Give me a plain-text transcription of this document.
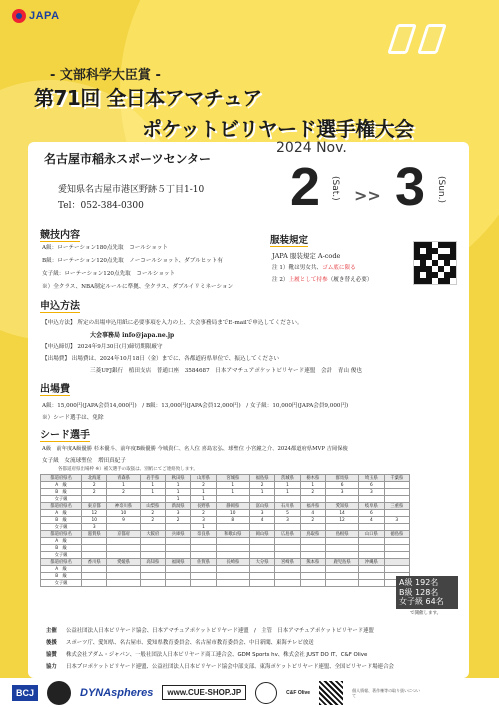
JAPA
- 文部科学大臣賞 -
第71回 全日本アマチュア
ポケットビリヤード選手権大会
名古屋市稲永スポーツセンター
愛知県名古屋市港区野跡５丁目1-10
Tel：052-384-0300
2024 Nov.
2 (Sat.) >> 3 (Sun.)
競技内容
A級：ローテーション180点先取　コールショット
B級：ローテーション120点先取　ノーコールショット、ダブルヒット有
女子級：ローテーション120点先取　コールショット
※）全クラス、NBA制定ルールに準拠、全クラス、ダブルイリミネーション
服装規定
JAPA 服装規定 A-code
注 1）靴は男女共、ゴム底に限る
注 2）上履として持参（履き替え必要）
申込方法
【申込方法】 所定の出場申込用紙に必要事項を入力の上、大会事務局までE-mailで申込してください。
大会事務局 info@japa.ne.jp
【申込締切】 2024年9月30日(月)締切期限厳守
【出場費】 出場費は、2024年10月18日（金）までに、各都道府県単位で、振込してください
三菱UFJ銀行　植田支店　普通口座　3584687　日本アマチュアポケットビリヤード連盟　会計　青山 俊也
出場費
A級：15,000円(JAPA会員14,000円)　/ B級：13,000円(JAPA会員12,000円)　/ 女子級：10,000円(JAPA会員9,000円)
※）シード選手は、免除
シード選手
A級　前年度A級優勝 杉本優斗、前年度B級優勝 今城貴仁、名人位 喜島宏弘、球聖位 小宮鐘之介、2024都道府県MVP 吉岡保俊
女子級　女流球聖位　増田真紀子
各都道府県出場枠 ※）補欠選手の取扱は、別紙にてご連絡致します。
都道府県名	北海道	青森県	岩手県	秋田県	山形県	宮城県	福島県	茨城県	栃木県	群馬県	埼玉県	千葉県
A　級	2	1	1	1	2	1	2	1	1	6	6	
B　級	2	2	1	1	1	1	1	1	2	3	3	
女子級				1	1							
都道府県名	東京都	神奈川県	山梨県	新潟県	長野県	静岡県	富山県	石川県	福井県	愛知県	岐阜県	三重県
A　級	12	10	2	3	2	10	3	5	4	14	6	
B　級	10	9	2	2	3	8	4	3	2	12	4	3
女子級	3				1							
都道府県名	滋賀県	京都府	大阪府	兵庫県	奈良県	和歌山県	岡山県	広島県	鳥取県	島根県	山口県	徳島県
A　級												
B　級												
女子級												
都道府県名	香川県	愛媛県	高知県	福岡県	佐賀県	長崎県	大分県	宮崎県	熊本県	鹿児島県	沖縄県	
A　級												
B　級												
女子級													A級 192名
B級 128名
女子級 64名
で開催します。
主催 公益社団法人日本ビリヤード協会、日本アマチュアポケットビリヤード連盟　/　主管　日本アマチュアポケットビリヤード連盟
後援 スポーツ庁、愛知県、名古屋市、愛知県教育委員会、名古屋市教育委員会、中日新聞、東海テレビ放送
協賛 株式会社アダム・ジャパン、一般社団法人日本ビリヤード商工連合会、GDM Sports hv、株式会社 JUST DO IT、C&F Olive
協力 日本プロポケットビリヤード連盟、公益社団法人日本ビリヤード協会中部支部、東海ポケットビリヤード連盟、全国ビリヤード場連合会
BCJ	DYNAspheres	www.CUE-SHOP.JP	C&F Olive	個人情報、著作権等の取り扱いについて
